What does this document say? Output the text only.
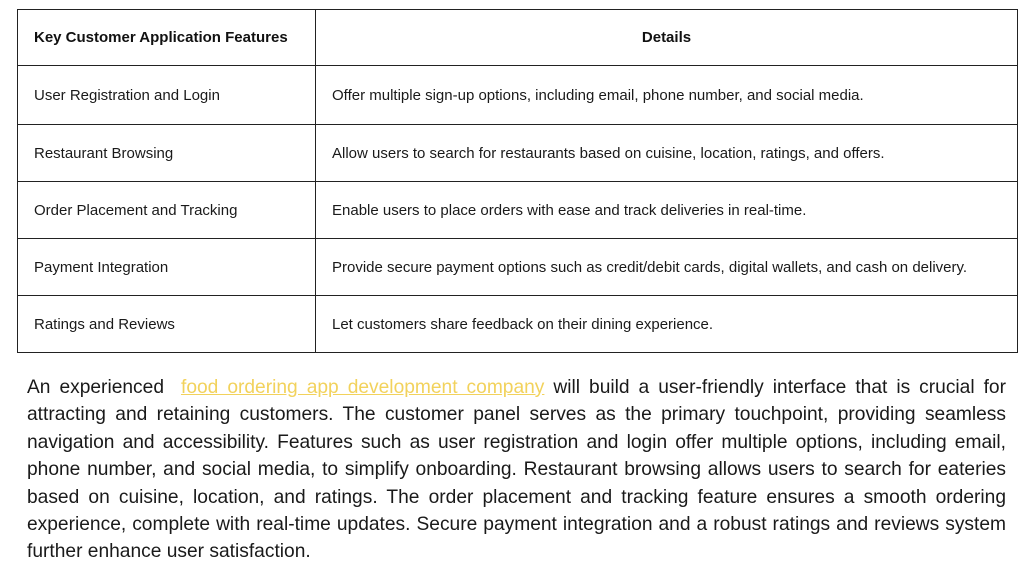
Key Customer Application Features	Details
User Registration and Login	Offer multiple sign-up options, including email, phone number, and social media.
Restaurant Browsing	Allow users to search for restaurants based on cuisine, location, ratings, and offers.
Order Placement and Tracking	Enable users to place orders with ease and track deliveries in real-time.
Payment Integration	Provide secure payment options such as credit/debit cards, digital wallets, and cash on delivery.
Ratings and Reviews	Let customers share feedback on their dining experience.

An experienced food ordering app development company will build a user-friendly interface that is crucial for attracting and retaining customers. The customer panel serves as the primary touchpoint, providing seamless navigation and accessibility. Features such as user registration and login offer multiple options, including email, phone number, and social media, to simplify onboarding. Restaurant browsing allows users to search for eateries based on cuisine, location, and ratings. The order placement and tracking feature ensures a smooth ordering experience, complete with real-time updates. Secure payment integration and a robust ratings and reviews system further enhance user satisfaction.
